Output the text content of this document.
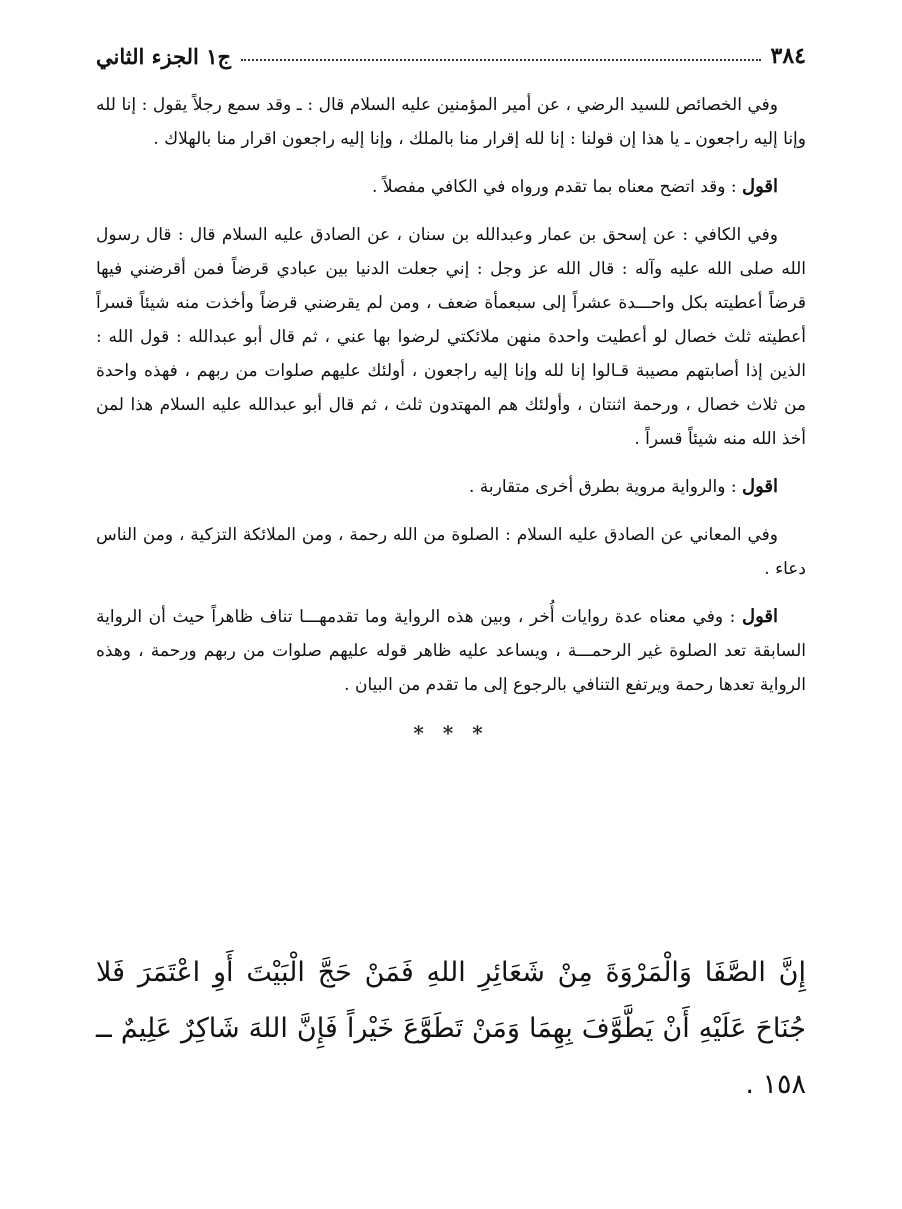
٣٨٤
ج١ الجزء الثاني

وفي الخصائص للسيد الرضي ، عن أمير المؤمنين عليه السلام قال : ـ وقد سمع رجلاً يقول : إنا لله وإنا إليه راجعون ـ يا هذا إن قولنا : إنا لله إقرار منا بالملك ، وإنا إليه راجعون اقرار منا بالهلاك .

اقول : وقد اتضح معناه بما تقدم ورواه في الكافي مفصلاً .

وفي الكافي : عن إسحق بن عمار وعبدالله بن سنان ، عن الصادق عليه السلام قال : قال رسول الله صلى الله عليه وآله : قال الله عز وجل : إني جعلت الدنيا بين عبادي قرضاً فمن أقرضني فيها قرضاً أعطيته بكل واحـــدة عشراً إلى سبعمأة ضعف ، ومن لم يقرضني قرضاً وأخذت منه شيئاً قسراً أعطيته ثلث خصال لو أعطيت واحدة منهن ملائكتي لرضوا بها عني ، ثم قال أبو عبدالله : قول الله : الذين إذا أصابتهم مصيبة قـالوا إنا لله وإنا إليه راجعون ، أولئك عليهم صلوات من ربهم ، فهذه واحدة من ثلاث خصال ، ورحمة اثنتان ، وأولئك هم المهتدون ثلث ، ثم قال أبو عبدالله عليه السلام هذا لمن أخذ الله منه شيئاً قسراً .

اقول : والرواية مروية بطرق أخرى متقاربة .

وفي المعاني عن الصادق عليه السلام : الصلوة من الله رحمة ، ومن الملائكة التزكية ، ومن الناس دعاء .

اقول : وفي معناه عدة روايات أُخر ، وبين هذه الرواية وما تقدمهـــا تناف ظاهراً حيث أن الرواية السابقة تعد الصلوة غير الرحمـــة ، ويساعد عليه ظاهر قوله عليهم صلوات من ربهم ورحمة ، وهذه الرواية تعدها رحمة ويرتفع التنافي بالرجوع إلى ما تقدم من البيان .

* * *
إِنَّ الصَّفَا وَالْمَرْوَةَ مِنْ شَعَائِرِ اللهِ فَمَنْ حَجَّ الْبَيْتَ أَوِ اعْتَمَرَ فَلا جُنَاحَ عَلَيْهِ أَنْ يَطَّوَّفَ بِهِمَا وَمَنْ تَطَوَّعَ خَيْراً فَإِنَّ اللهَ شَاكِرٌ عَلِيمٌ ــ ١٥٨ .
